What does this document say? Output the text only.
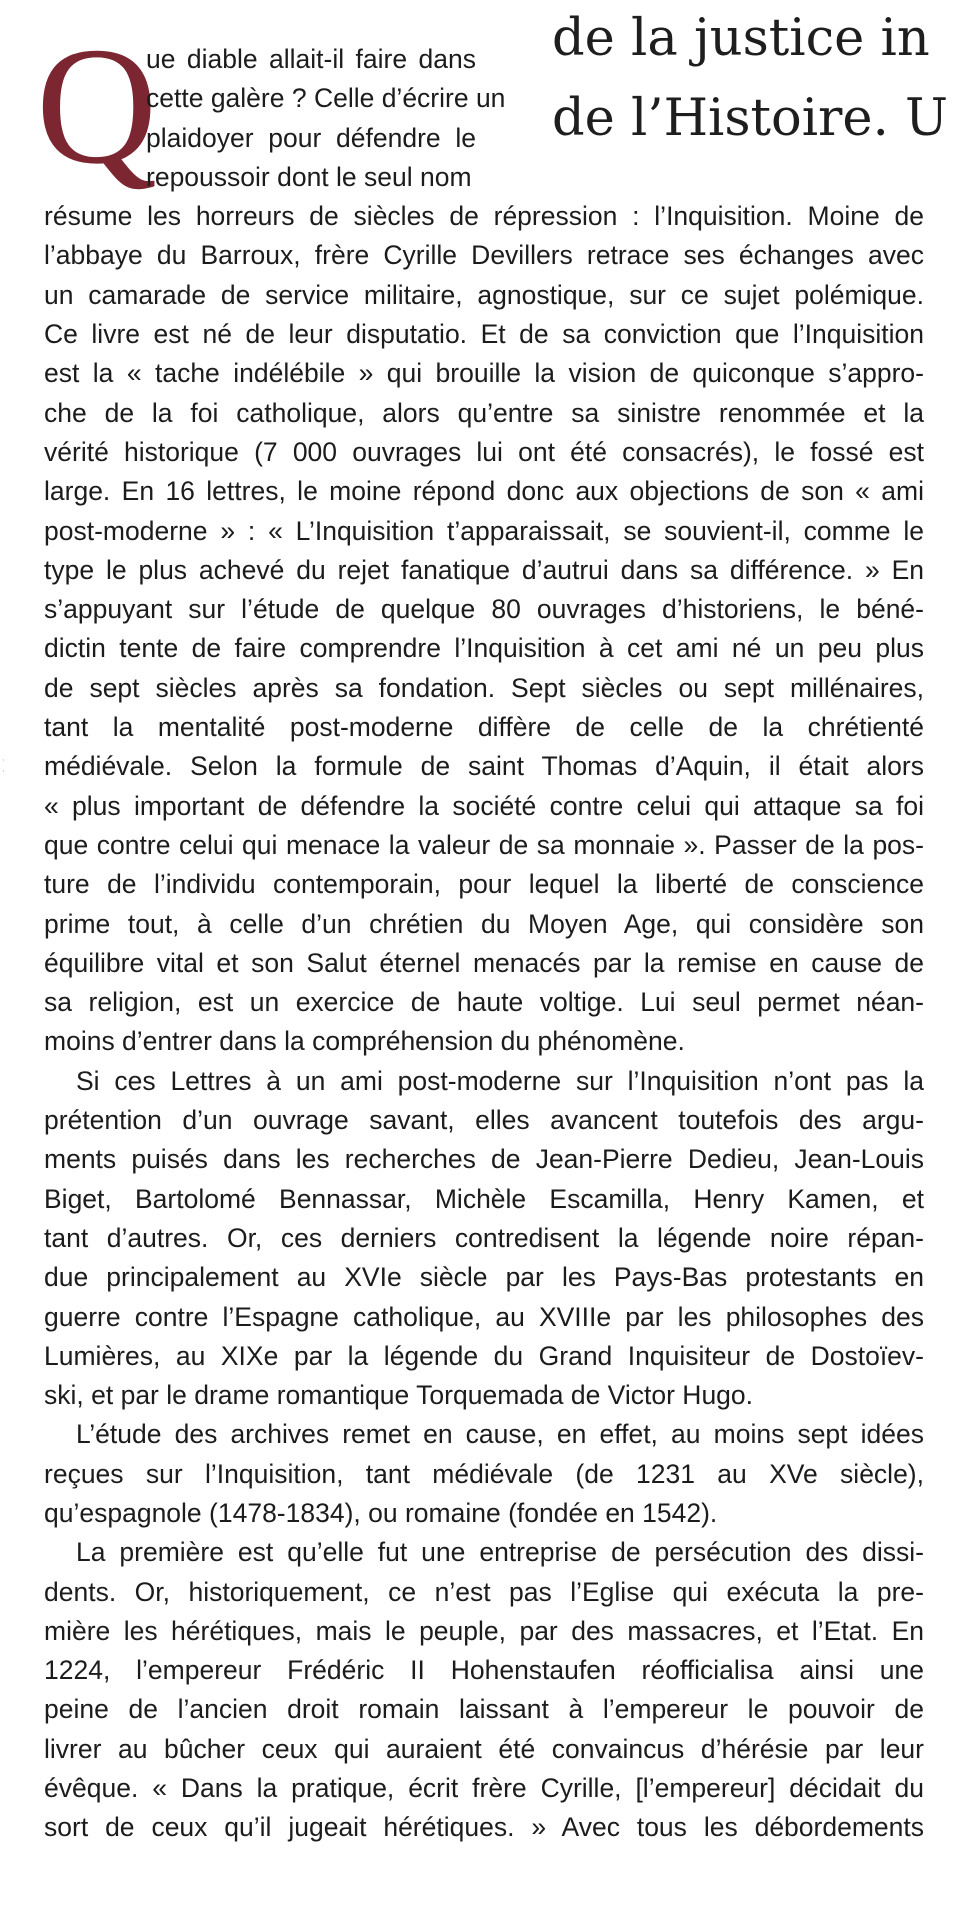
de la justice in
de l’Histoire. U
Q
·
·
ue diable allait-il faire dans
cette galère ? Celle d’écrire un
plaidoyer pour défendre le
repoussoir dont le seul nom
résume les horreurs de siècles de répression : l’Inquisition. Moine de
l’abbaye du Barroux, frère Cyrille Devillers retrace ses échanges avec
un camarade de service militaire, agnostique, sur ce sujet polémique.
Ce livre est né de leur disputatio. Et de sa conviction que l’Inquisition
est la « tache indélébile » qui brouille la vision de quiconque s’appro-
che de la foi catholique, alors qu’entre sa sinistre renommée et la
vérité historique (7 000 ouvrages lui ont été consacrés), le fossé est
large. En 16 lettres, le moine répond donc aux objections de son « ami
post-moderne » : « L’Inquisition t’apparaissait, se souvient-il, comme le
type le plus achevé du rejet fanatique d’autrui dans sa différence. » En
s’appuyant sur l’étude de quelque 80 ouvrages d’historiens, le béné-
dictin tente de faire comprendre l’Inquisition à cet ami né un peu plus
de sept siècles après sa fondation. Sept siècles ou sept millénaires,
tant la mentalité post-moderne diffère de celle de la chrétienté
médiévale. Selon la formule de saint Thomas d’Aquin, il était alors
« plus important de défendre la société contre celui qui attaque sa foi
que contre celui qui menace la valeur de sa monnaie ». Passer de la pos-
ture de l’individu contemporain, pour lequel la liberté de conscience
prime tout, à celle d’un chrétien du Moyen Age, qui considère son
équilibre vital et son Salut éternel menacés par la remise en cause de
sa religion, est un exercice de haute voltige. Lui seul permet néan-
moins d’entrer dans la compréhension du phénomène.
Si ces Lettres à un ami post-moderne sur l’Inquisition n’ont pas la
prétention d’un ouvrage savant, elles avancent toutefois des argu-
ments puisés dans les recherches de Jean-Pierre Dedieu, Jean-Louis
Biget, Bartolomé Bennassar, Michèle Escamilla, Henry Kamen, et
tant d’autres. Or, ces derniers contredisent la légende noire répan-
due principalement au XVIe siècle par les Pays-Bas protestants en
guerre contre l’Espagne catholique, au XVIIIe par les philosophes des
Lumières, au XIXe par la légende du Grand Inquisiteur de Dostoïev-
ski, et par le drame romantique Torquemada de Victor Hugo.
L’étude des archives remet en cause, en effet, au moins sept idées
reçues sur l’Inquisition, tant médiévale (de 1231 au XVe siècle),
qu’espagnole (1478-1834), ou romaine (fondée en 1542).
La première est qu’elle fut une entreprise de persécution des dissi-
dents. Or, historiquement, ce n’est pas l’Eglise qui exécuta la pre-
mière les hérétiques, mais le peuple, par des massacres, et l’Etat. En
1224, l’empereur Frédéric II Hohenstaufen réofficialisa ainsi une
peine de l’ancien droit romain laissant à l’empereur le pouvoir de
livrer au bûcher ceux qui auraient été convaincus d’hérésie par leur
évêque. « Dans la pratique, écrit frère Cyrille, [l’empereur] décidait du
sort de ceux qu’il jugeait hérétiques. » Avec tous les débordements
